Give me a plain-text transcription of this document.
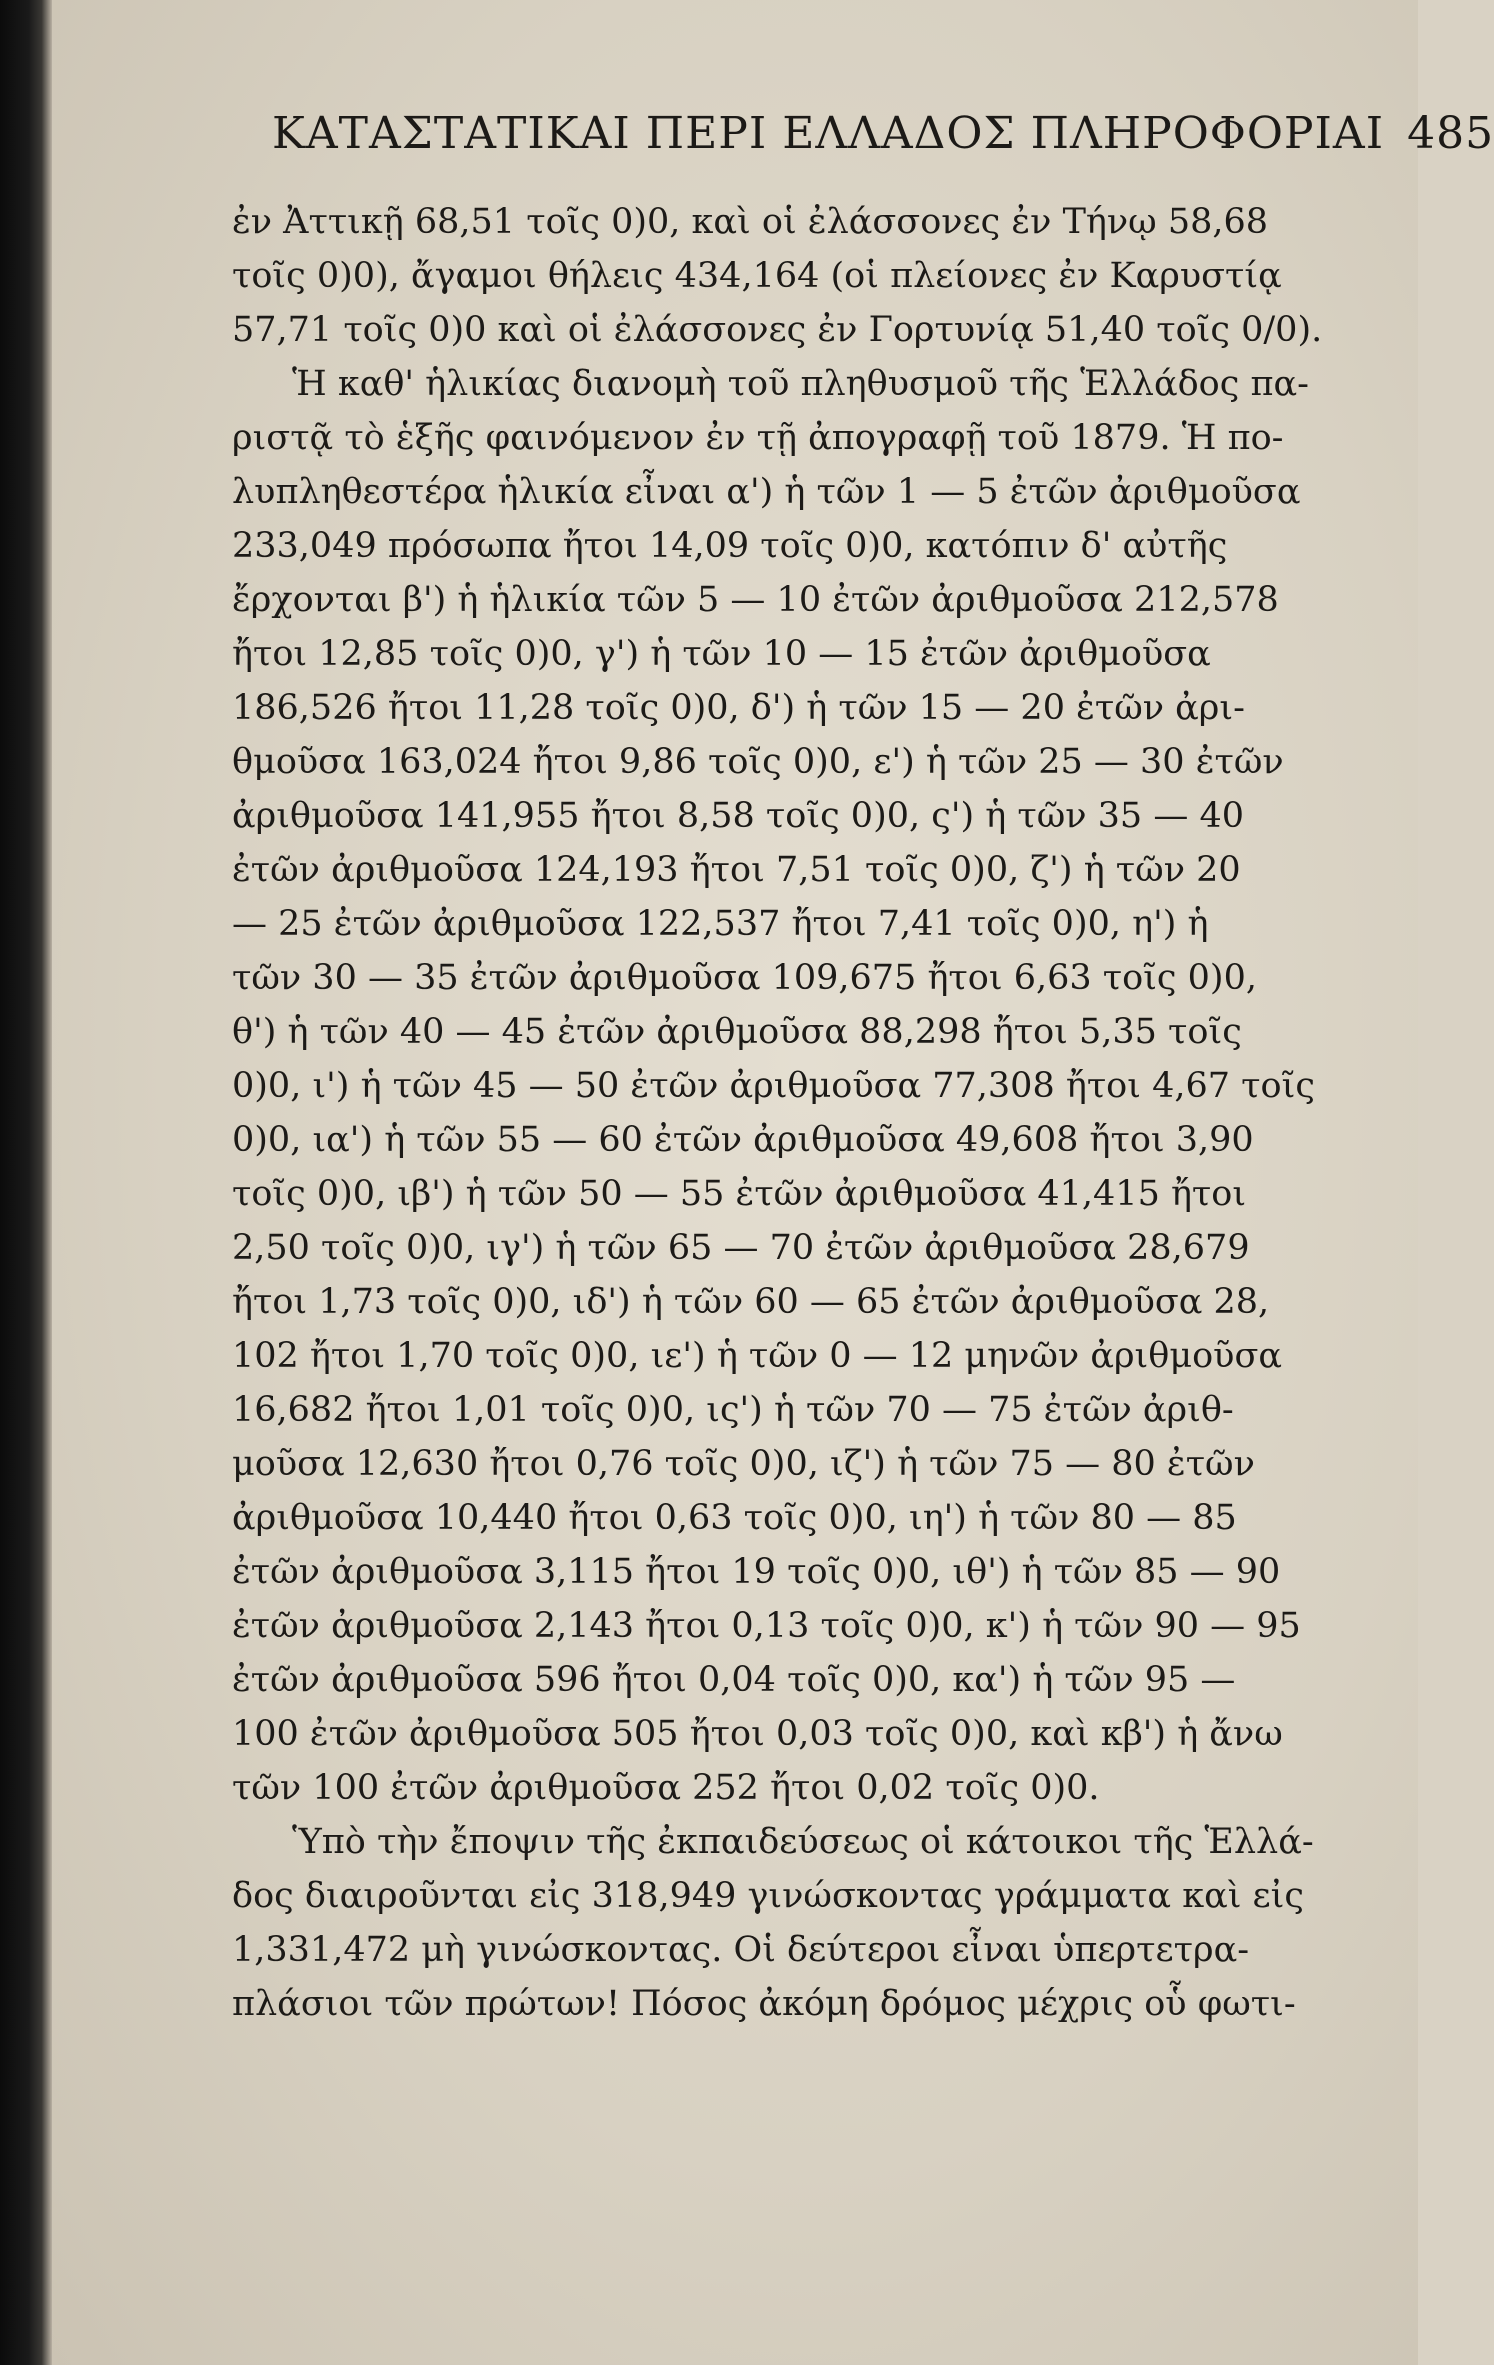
ΚΑΤΑΣΤΑΤΙΚΑΙ ΠΕΡΙ ΕΛΛΑΔΟΣ ΠΛΗΡΟΦΟΡΙΑΙ 485
ἐν Ἀττικῇ 68,51 τοῖς 0)0, καὶ οἱ ἐλάσσονες ἐν Τήνῳ 58,68
τοῖς 0)0), ἄγαμοι θήλεις 434,164 (οἱ πλείονες ἐν Καρυστίᾳ
57,71 τοῖς 0)0 καὶ οἱ ἐλάσσονες ἐν Γορτυνίᾳ 51,40 τοῖς 0/0).
Ἡ καθ' ἡλικίας διανομὴ τοῦ πληθυσμοῦ τῆς Ἑλλάδος πα-
ριστᾷ τὸ ἑξῆς φαινόμενον ἐν τῇ ἀπογραφῇ τοῦ 1879. Ἡ πο-
λυπληθεστέρα ἡλικία εἶναι α') ἡ τῶν 1 — 5 ἐτῶν ἀριθμοῦσα
233,049 πρόσωπα ἤτοι 14,09 τοῖς 0)0, κατόπιν δ' αὐτῆς
ἔρχονται β') ἡ ἡλικία τῶν 5 — 10 ἐτῶν ἀριθμοῦσα 212,578
ἤτοι 12,85 τοῖς 0)0, γ') ἡ τῶν 10 — 15 ἐτῶν ἀριθμοῦσα
186,526 ἤτοι 11,28 τοῖς 0)0, δ') ἡ τῶν 15 — 20 ἐτῶν ἀρι-
θμοῦσα 163,024 ἤτοι 9,86 τοῖς 0)0, ε') ἡ τῶν 25 — 30 ἐτῶν
ἀριθμοῦσα 141,955 ἤτοι 8,58 τοῖς 0)0, ς') ἡ τῶν 35 — 40
ἐτῶν ἀριθμοῦσα 124,193 ἤτοι 7,51 τοῖς 0)0, ζ') ἡ τῶν 20
— 25 ἐτῶν ἀριθμοῦσα 122,537 ἤτοι 7,41 τοῖς 0)0, η') ἡ
τῶν 30 — 35 ἐτῶν ἀριθμοῦσα 109,675 ἤτοι 6,63 τοῖς 0)0,
θ') ἡ τῶν 40 — 45 ἐτῶν ἀριθμοῦσα 88,298 ἤτοι 5,35 τοῖς
0)0, ι') ἡ τῶν 45 — 50 ἐτῶν ἀριθμοῦσα 77,308 ἤτοι 4,67 τοῖς
0)0, ια') ἡ τῶν 55 — 60 ἐτῶν ἀριθμοῦσα 49,608 ἤτοι 3,90
τοῖς 0)0, ιβ') ἡ τῶν 50 — 55 ἐτῶν ἀριθμοῦσα 41,415 ἤτοι
2,50 τοῖς 0)0, ιγ') ἡ τῶν 65 — 70 ἐτῶν ἀριθμοῦσα 28,679
ἤτοι 1,73 τοῖς 0)0, ιδ') ἡ τῶν 60 — 65 ἐτῶν ἀριθμοῦσα 28,
102 ἤτοι 1,70 τοῖς 0)0, ιε') ἡ τῶν 0 — 12 μηνῶν ἀριθμοῦσα
16,682 ἤτοι 1,01 τοῖς 0)0, ις') ἡ τῶν 70 — 75 ἐτῶν ἀριθ-
μοῦσα 12,630 ἤτοι 0,76 τοῖς 0)0, ιζ') ἡ τῶν 75 — 80 ἐτῶν
ἀριθμοῦσα 10,440 ἤτοι 0,63 τοῖς 0)0, ιη') ἡ τῶν 80 — 85
ἐτῶν ἀριθμοῦσα 3,115 ἤτοι 19 τοῖς 0)0, ιθ') ἡ τῶν 85 — 90
ἐτῶν ἀριθμοῦσα 2,143 ἤτοι 0,13 τοῖς 0)0, κ') ἡ τῶν 90 — 95
ἐτῶν ἀριθμοῦσα 596 ἤτοι 0,04 τοῖς 0)0, κα') ἡ τῶν 95 —
100 ἐτῶν ἀριθμοῦσα 505 ἤτοι 0,03 τοῖς 0)0, καὶ κβ') ἡ ἄνω
τῶν 100 ἐτῶν ἀριθμοῦσα 252 ἤτοι 0,02 τοῖς 0)0.
Ὑπὸ τὴν ἔποψιν τῆς ἐκπαιδεύσεως οἱ κάτοικοι τῆς Ἑλλά-
δος διαιροῦνται εἰς 318,949 γινώσκοντας γράμματα καὶ εἰς
1,331,472 μὴ γινώσκοντας. Οἱ δεύτεροι εἶναι ὑπερτετρα-
πλάσιοι τῶν πρώτων! Πόσος ἀκόμη δρόμος μέχρις οὗ φωτι-
